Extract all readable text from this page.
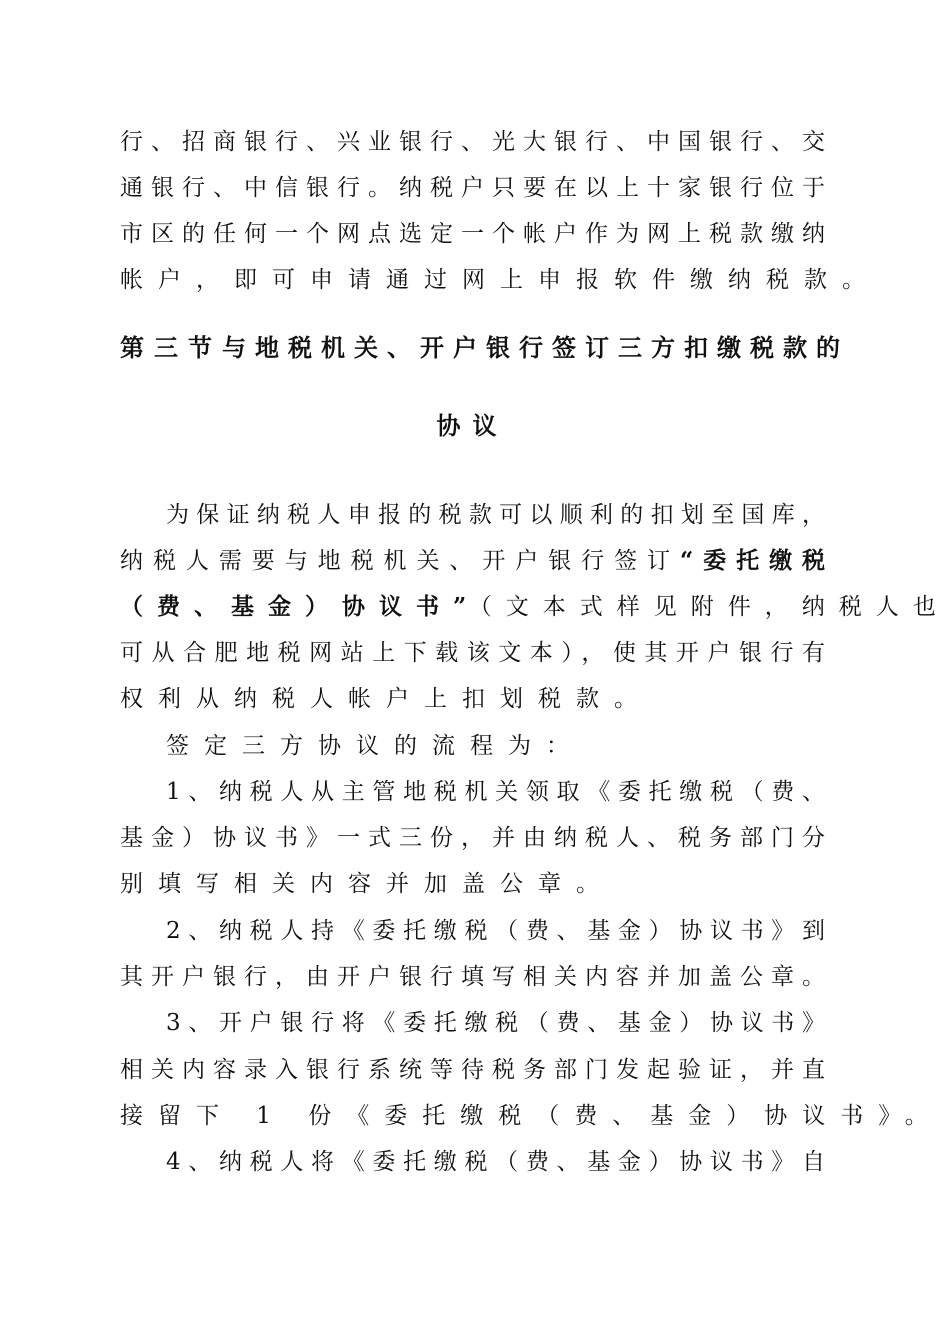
行、招商银行、兴业银行、光大银行、中国银行、交
通银行、中信银行。纳税户只要在以上十家银行位于
市区的任何一个网点选定一个帐户作为网上税款缴纳
帐户，即可申请通过网上申报软件缴纳税款。
第三节 与地税机关、开户银行签订三方扣缴税款的
协议
为保证纳税人申报的税款可以顺利的扣划至国库，
纳税人需要与地税机关、开户银行签订“委托缴税
（费、基金）协议书”（文本式样见附件，纳税人也
可从合肥地税网站上下载该文本），使其开户银行有
权利从纳税人帐户上扣划税款。
签定三方协议的流程为：
1、纳税人从主管地税机关领取《委托缴税（费、
基金）协议书》一式三份，并由纳税人、税务部门分
别填写相关内容并加盖公章。
2、纳税人持《委托缴税（费、基金）协议书》到
其开户银行，由开户银行填写相关内容并加盖公章。
3、开户银行将《委托缴税（费、基金）协议书》
相关内容录入银行系统等待税务部门发起验证，并直
接留下 1 份《委托缴税（费、基金）协议书》。
4、纳税人将《委托缴税（费、基金）协议书》自
